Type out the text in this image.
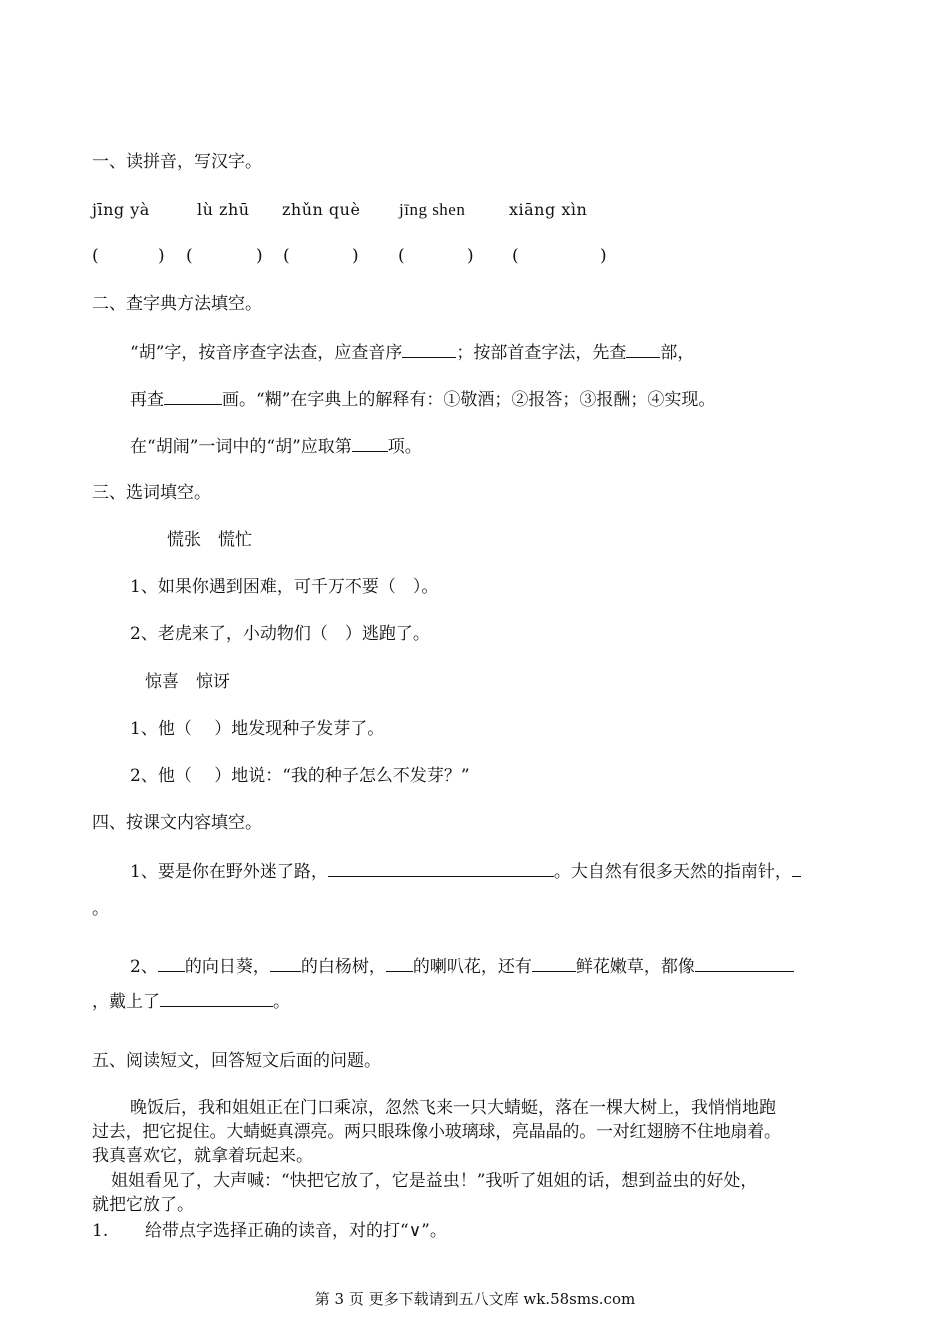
一、读拼音，写汉字。
jīng yà	lù zhū zhǔn què jīng shen	xiāng xìn
(	) (	) (	) (	) (	)
二、查字典方法填空。
“胡”字，按音序查字法查，应查音序	；按部首查字法，先查 部，
再查	画。“糊”在字典上的解释有：①敬酒；②报答；③报酬；④实现。
在“胡闹”一词中的“胡”应取第 项。
三、选词填空。
慌张　慌忙
1、如果你遇到困难，可千万不要（　）。
2、老虎来了，小动物们（　）逃跑了。
惊喜　惊讶
1、他（　 ）地发现种子发芽了。
2、他（　 ）地说：“我的种子怎么不发芽？”
四、按课文内容填空。
1、要是你在野外迷了路，	。大自然有很多天然的指南针，
。
2、 的向日葵， 的白杨树， 的喇叭花，还有	鲜花嫩草，都像
，戴上了	。
五、阅读短文，回答短文后面的问题。
晚饭后，我和姐姐正在门口乘凉，忽然飞来一只大蜻蜓，落在一棵大树上，我悄悄地跑
过去，把它捉住。大蜻蜓真漂亮。两只眼珠像小玻璃球，亮晶晶的。一对红翅膀不住地扇着。
我真喜欢它，就拿着玩起来。
姐姐看见了，大声喊：“快把它放了，它是益虫！”我听了姐姐的话，想到益虫的好处，
就把它放了。
1. 给带点字选择正确的读音，对的打“∨”。
第 3 页 更多下载请到五八文库 wk.58sms.com
